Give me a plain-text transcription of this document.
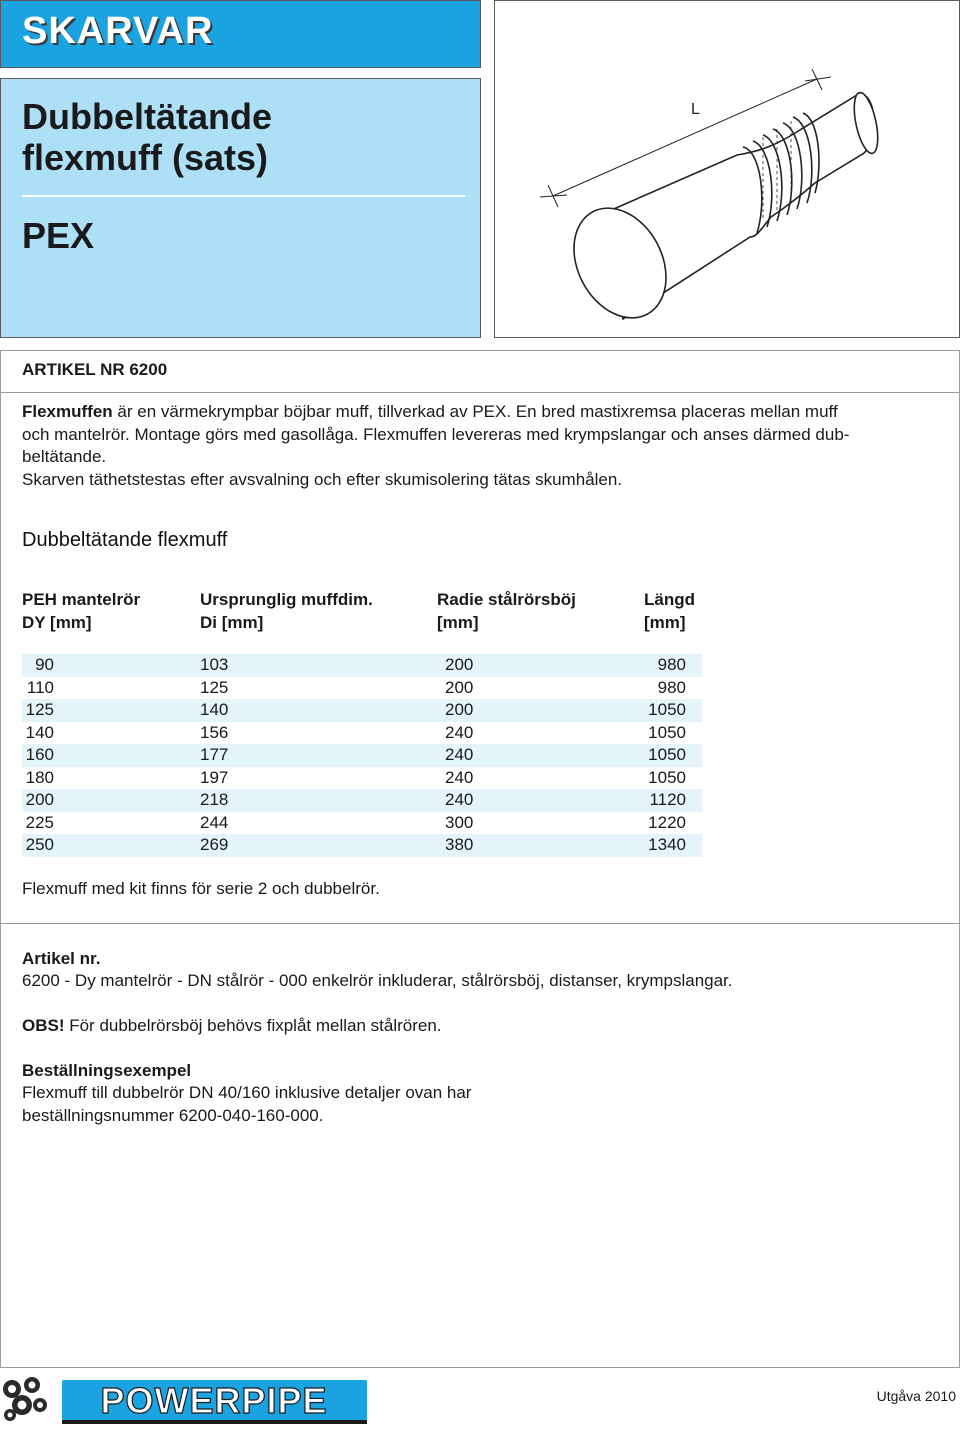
SKARVAR
Dubbeltätande
flexmuff (sats)
PEX
L
ARTIKEL NR 6200
Flexmuffen är en värmekrympbar böjbar muff, tillverkad av PEX. En bred mastixremsa placeras mellan muff
och mantelrör. Montage görs med gasollåga. Flexmuffen levereras med krympslangar och anses därmed dub-
beltätande.
Skarven täthetstestas efter avsvalning och efter skumisolering tätas skumhålen.
Dubbeltätande flexmuff
PEH mantelrör
DY [mm]
Ursprunglig muffdim.
Di [mm]
Radie stålrörsböj
[mm]
Längd
[mm]
90	103	200	980
110	125	200	980
125	140	200	1050
140	156	240	1050
160	177	240	1050
180	197	240	1050
200	218	240	1120
225	244	300	1220
250	269	380	1340
Flexmuff med kit finns för serie 2 och dubbelrör.
Artikel nr.
6200 - Dy mantelrör - DN stålrör - 000 enkelrör inkluderar, stålrörsböj, distanser, krympslangar.
OBS! För dubbelrörsböj behövs fixplåt mellan stålrören.
Beställningsexempel
Flexmuff till dubbelrör DN 40/160 inklusive detaljer ovan har
beställningsnummer 6200-040-160-000.
POWERPIPE	Utgåva 2010
